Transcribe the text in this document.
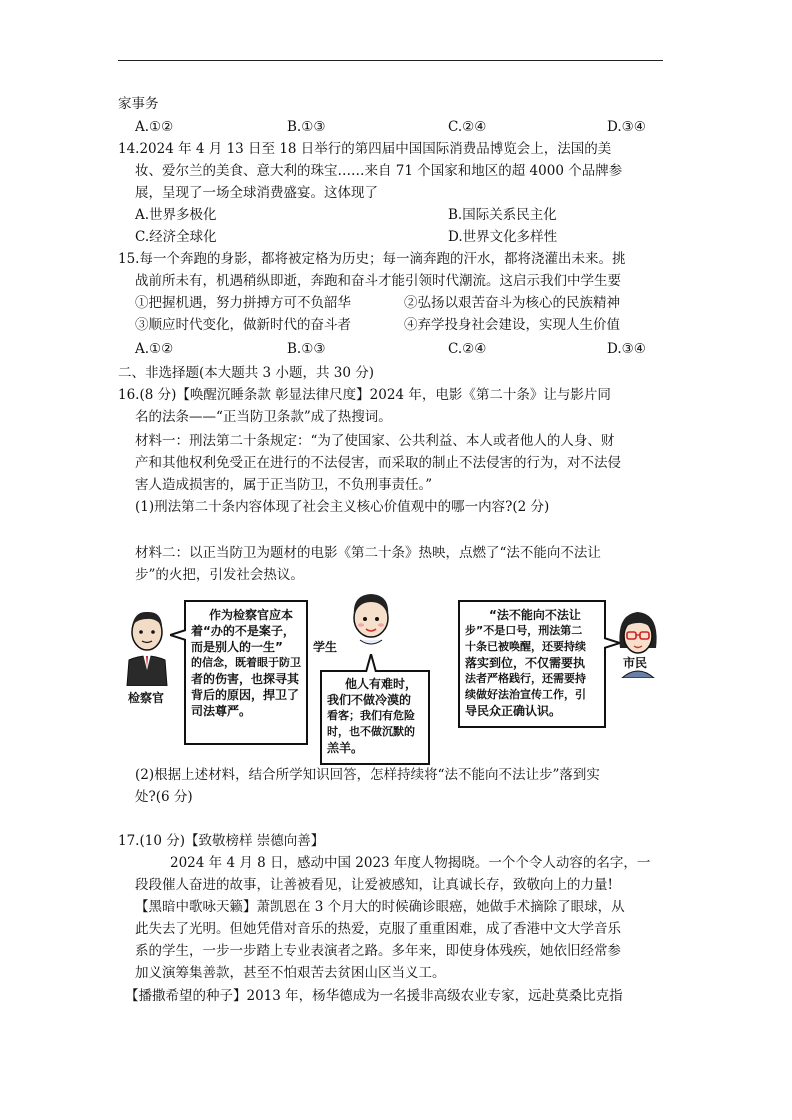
家事务
A.①②	B.①③	C.②④	D.③④
14.2024 年 4 月 13 日至 18 日举行的第四届中国国际消费品博览会上，法国的美
妆、爱尔兰的美食、意大利的珠宝……来自 71 个国家和地区的超 4000 个品牌参
展，呈现了一场全球消费盛宴。这体现了
A.世界多极化	B.国际关系民主化
C.经济全球化	D.世界文化多样性
15.每一个奔跑的身影，都将被定格为历史；每一滴奔跑的汗水，都将浇灌出未来。挑
战前所未有，机遇稍纵即逝，奔跑和奋斗才能引领时代潮流。这启示我们中学生要
①把握机遇，努力拼搏方可不负韶华	②弘扬以艰苦奋斗为核心的民族精神
③顺应时代变化，做新时代的奋斗者	④弃学投身社会建设，实现人生价值
A.①②	B.①③	C.②④	D.③④
二、非选择题(本大题共 3 小题，共 30 分)
16.(8 分)【唤醒沉睡条款 彰显法律尺度】2024 年，电影《第二十条》让与影片同
名的法条——“正当防卫条款”成了热搜词。
材料一：刑法第二十条规定：“为了使国家、公共利益、本人或者他人的人身、财
产和其他权利免受正在进行的不法侵害，而采取的制止不法侵害的行为，对不法侵
害人造成损害的，属于正当防卫，不负刑事责任。”
(1)刑法第二十条内容体现了社会主义核心价值观中的哪一内容?(2 分)
材料二：以正当防卫为题材的电影《第二十条》热映，点燃了“法不能向不法让
步”的火把，引发社会热议。
检察官
作为检察官应本
着“办的不是案子，
而是别人的一生”
的信念，既着眼于防卫
者的伤害，也探寻其
背后的原因，捍卫了
司法尊严。
学生
他人有难时，
我们不做冷漠的
看客；我们有危险
时，也不做沉默的
羔羊。
“法不能向不法让
步”不是口号，刑法第二
十条已被唤醒，还要持续
落实到位，不仅需要执
法者严格践行，还需要持
续做好法治宣传工作，引
导民众正确认识。
市民
(2)根据上述材料，结合所学知识回答，怎样持续将“法不能向不法让步”落到实
处?(6 分)
17.(10 分)【致敬榜样 崇德向善】
2024 年 4 月 8 日，感动中国 2023 年度人物揭晓。一个个令人动容的名字，一
段段催人奋进的故事，让善被看见，让爱被感知，让真诚长存，致敬向上的力量!
【黑暗中歌咏天籁】萧凯恩在 3 个月大的时候确诊眼癌，她做手术摘除了眼球，从
此失去了光明。但她凭借对音乐的热爱，克服了重重困难，成了香港中文大学音乐
系的学生，一步一步踏上专业表演者之路。多年来，即使身体残疾，她依旧经常参
加义演筹集善款，甚至不怕艰苦去贫困山区当义工。
【播撒希望的种子】2013 年，杨华德成为一名援非高级农业专家，远赴莫桑比克指
